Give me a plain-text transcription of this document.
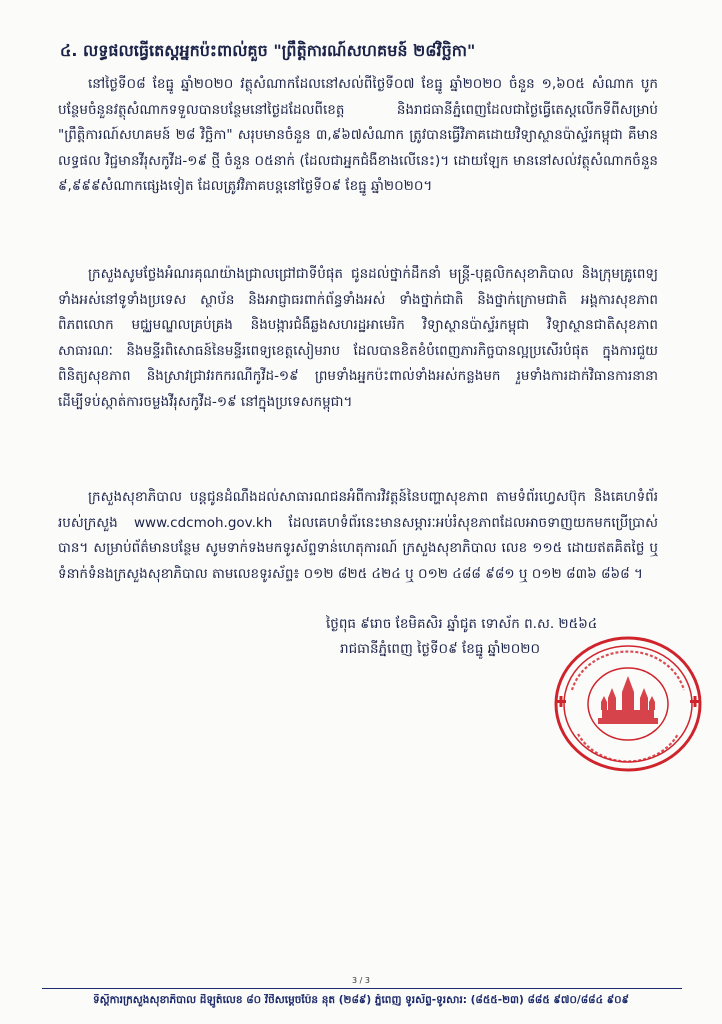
៤. លទ្ធផលធ្វើតេស្តអ្នកប៉ះពាល់គួច "ព្រឹត្តិការណ៍សហគមន៍ ២៨វិច្ឆិកា"

នៅថ្ងៃទី០៨ ខែធ្នូ ឆ្នាំ២០២០ វត្ថុសំណាកដែលនៅសល់ពីថ្ងៃទី០៧ ខែធ្នូ ឆ្នាំ២០២០ ចំនួន ១,៦០៥ សំណាក បូកបន្ថែមចំនួនវត្ថុសំណាកទទួលបានបន្ថែមនៅថ្ងៃដដែលពីខេត្ត និងរាជធានីភ្នំពេញដែលជាថ្ងៃធ្វើតេស្តលើកទីពីសម្រាប់ "ព្រឹត្តិការណ៍សហគមន៍ ២៨ វិច្ឆិកា" សរុបមានចំនួន ៣,៩៦៧សំណាក ត្រូវបានធ្វើវិភាគដោយវិទ្យាស្ថានប៉ាស្ទ័រកម្ពុជា គឺមានលទ្ធផល វិជ្ជមានវីរុសកូវីដ-១៩ ថ្មី ចំនួន ០៥នាក់ (ដែលជាអ្នកជំងឺខាងលើនេះ)។ ដោយឡែក មាននៅសល់វត្ថុសំណាកចំនួន ៩,៩៩៩សំណាកផ្សេងទៀត ដែលត្រូវវិភាគបន្តនៅថ្ងៃទី០៩ ខែធ្នូ ឆ្នាំ២០២០។

ក្រសួងសូមថ្លែងអំណរគុណយ៉ាងជ្រាលជ្រៅជាទីបំផុត ជូនដល់ថ្នាក់ដឹកនាំ មន្ត្រី-បុគ្គលិកសុខាភិបាល និងក្រុមគ្រូពេទ្យទាំងអស់នៅទូទាំងប្រទេស ស្ថាប័ន និងអាជ្ញាធរពាក់ព័ន្ធទាំងអស់ ទាំងថ្នាក់ជាតិ និងថ្នាក់ក្រោមជាតិ អង្គការសុខភាពពិភពលោក មជ្ឈមណ្ឌលគ្រប់គ្រង និងបង្ការជំងឺឆ្លងសហរដ្ឋអាមេរិក វិទ្យាស្ថានប៉ាស្ទ័រកម្ពុជា វិទ្យាស្ថានជាតិសុខភាពសាធារណៈ និងមន្ទីរពិសោធន៍នៃមន្ទីរពេទ្យខេត្តសៀមរាប ដែលបានខិតខំបំពេញភារកិច្ចបានល្អប្រសើរបំផុត ក្នុងការជួយពិនិត្យសុខភាព និងស្រាវជ្រាវរកករណីកូវីដ-១៩ ព្រមទាំងអ្នកប៉ះពាល់ទាំងអស់កន្លងមក រួមទាំងការដាក់វិធានការនានា ដើម្បីទប់ស្កាត់ការចម្លងវីរុសកូវីដ-១៩ នៅក្នុងប្រទេសកម្ពុជា។

ក្រសួងសុខាភិបាល បន្តជូនដំណឹងដល់សាធារណជនអំពីការវិវត្តន៍នៃបញ្ហាសុខភាព តាមទំព័រហ្វេសប៊ុក និងគេហទំព័ររបស់ក្រសួង www.cdcmoh.gov.kh ដែលគេហទំព័រនេះមានសម្ភារៈអប់រំសុខភាពដែលអាចទាញយកមកប្រើប្រាស់បាន។ សម្រាប់ព័ត៌មានបន្ថែម សូមទាក់ទងមកទូរស័ព្ទទាន់ហេតុការណ៍ ក្រសួងសុខាភិបាល លេខ ១១៥ ដោយឥតគិតថ្លៃ ឬទំនាក់ទំនងក្រសួងសុខាភិបាល តាមលេខទូរស័ព្ទ៖ ០១២ ៨២៥ ៤២៤ ឬ ០១២ ៤៨៨ ៩៨១ ឬ ០១២ ៨៣៦ ៨៦៨ ។

ថ្ងៃពុធ ៩រោច ខែមិគសិរ ឆ្នាំជូត ទោស័ក ព.ស. ២៥៦៤
រាជធានីភ្នំពេញ ថ្ងៃទី០៩ ខែធ្នូ ឆ្នាំ២០២០
3 / 3
ទីស្តីការក្រសួងសុខាភិបាល ដីឡូត៍លេខ ៨០ វិថីសម្តេចប៉ែន នុត (២៨៩) ភ្នំពេញ ទូរស័ព្ទ-ទូរសារ: (៨៥៥-២៣) ៨៨៥ ៩៧០/៨៨៤ ៩០៩
